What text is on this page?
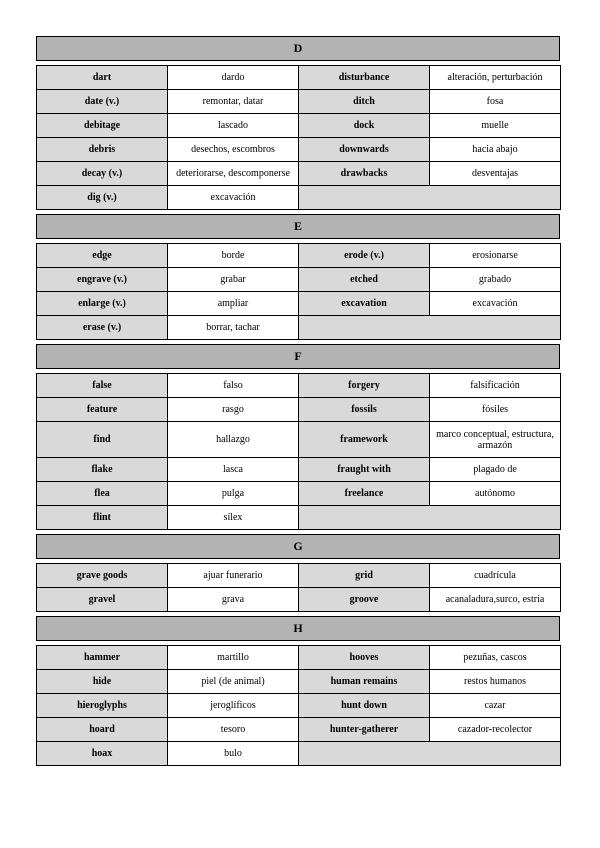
D
dart	dardo	disturbance	alteración, perturbación
date (v.)	remontar, datar	ditch	fosa
debitage	lascado	dock	muelle
debris	desechos, escombros	downwards	hacia abajo
decay (v.)	deteriorarse, descomponerse	drawbacks	desventajas
dig (v.)	excavación		
E
edge	borde	erode (v.)	erosionarse
engrave (v.)	grabar	etched	grabado
enlarge (v.)	ampliar	excavation	excavación
erase (v.)	borrar, tachar		
F
false	falso	forgery	falsificación
feature	rasgo	fossils	fósiles
find	hallazgo	framework	marco conceptual, estructura, armazón
flake	lasca	fraught with	plagado de
flea	pulga	freelance	autónomo
flint	sílex		
G
grave goods	ajuar funerario	grid	cuadrícula
gravel	grava	groove	acanaladura,surco, estría
H
hammer	martillo	hooves	pezuñas, cascos
hide	piel (de animal)	human remains	restos humanos
hieroglyphs	jeroglíficos	hunt down	cazar
hoard	tesoro	hunter-gatherer	cazador-recolector
hoax	bulo		
